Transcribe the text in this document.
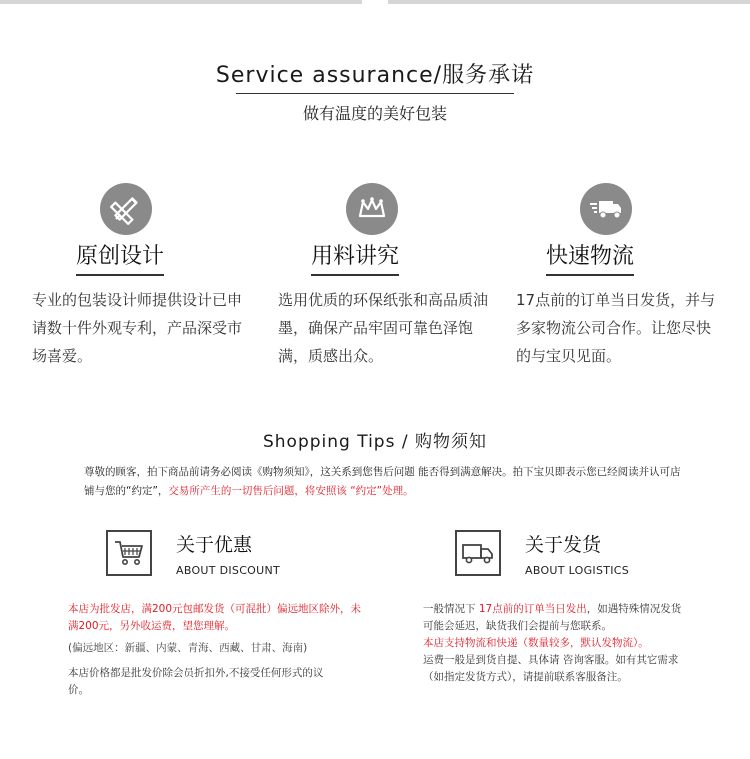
Service assurance/服务承诺
做有温度的美好包装
原创设计
专业的包装设计师提供设计已申请数十件外观专利，产品深受市场喜爱。
用料讲究
选用优质的环保纸张和高品质油墨，确保产品牢固可靠色泽饱满，质感出众。
快速物流
17点前的订单当日发货，并与多家物流公司合作。让您尽快的与宝贝见面。
Shopping Tips / 购物须知
尊敬的顾客，拍下商品前请务必阅读《购物须知》，这关系到您售后问题 能否得到满意解决。拍下宝贝即表示您已经阅读并认可店铺与您的“约定”，交易所产生的一切售后问题，将安照该 “约定”处理。
关于优惠
ABOUT DISCOUNT
关于发货
ABOUT LOGISTICS
本店为批发店，满200元包邮发货（可混批）偏远地区除外，未满200元，另外收运费，望您理解。
(偏远地区：新疆、内蒙、青海、西藏、甘肃、海南)
本店价格都是批发价除会员折扣外,不接受任何形式的议价。
一般情况下 17点前的订单当日发出，如遇特殊情况发货可能会延迟，缺货我们会提前与您联系。
本店支持物流和快递（数量较多，默认发物流）。
运费一般是到货自提、具体请 咨询客服。如有其它需求（如指定发货方式），请提前联系客服备注。
